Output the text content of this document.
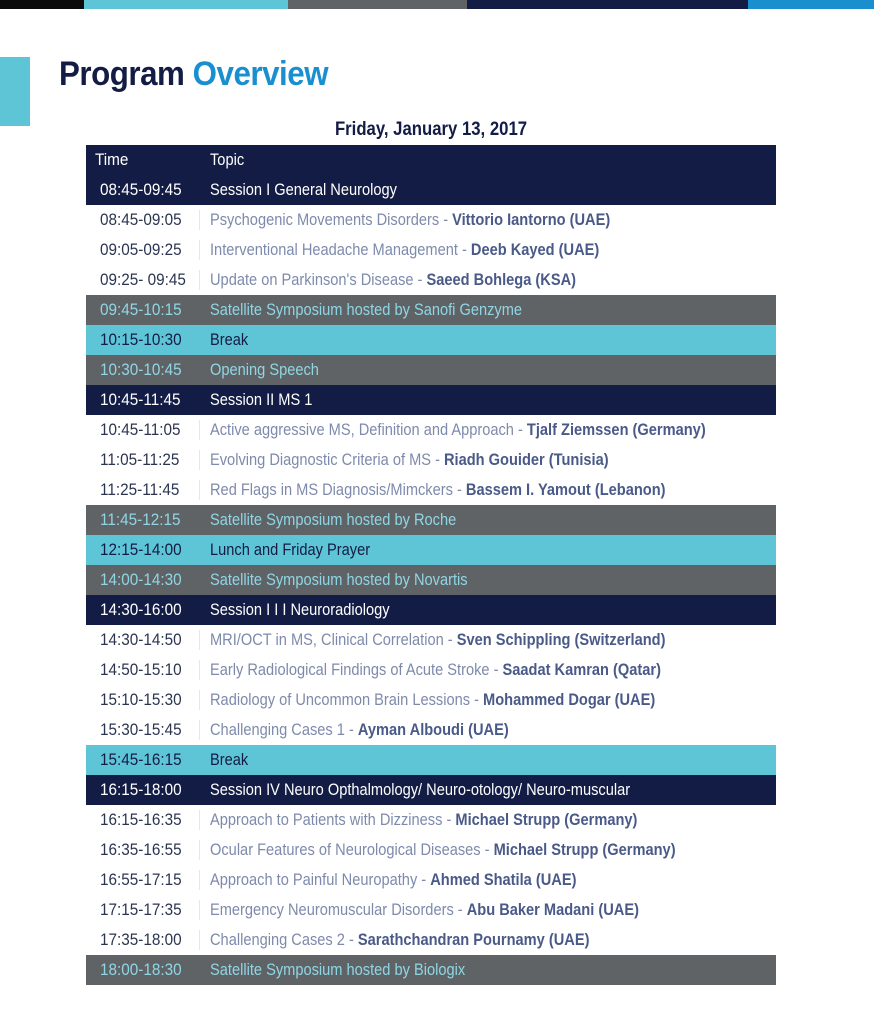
Program Overview
Friday, January 13, 2017
Time	Topic
08:45-09:45	Session I General Neurology
08:45-09:05	Psychogenic Movements Disorders - Vittorio Iantorno (UAE)
09:05-09:25	Interventional Headache Management - Deeb Kayed (UAE)
09:25- 09:45	Update on Parkinson's Disease - Saeed Bohlega (KSA)
09:45-10:15	Satellite Symposium hosted by Sanofi Genzyme
10:15-10:30	Break
10:30-10:45	Opening Speech
10:45-11:45	Session II MS 1
10:45-11:05	Active aggressive MS, Definition and Approach - Tjalf Ziemssen (Germany)
11:05-11:25	Evolving Diagnostic Criteria of MS - Riadh Gouider (Tunisia)
11:25-11:45	Red Flags in MS Diagnosis/Mimckers - Bassem I. Yamout (Lebanon)
11:45-12:15	Satellite Symposium hosted by Roche
12:15-14:00	Lunch and Friday Prayer
14:00-14:30	Satellite Symposium hosted by Novartis
14:30-16:00	Session I I I Neuroradiology
14:30-14:50	MRI/OCT in MS, Clinical Correlation - Sven Schippling (Switzerland)
14:50-15:10	Early Radiological Findings of Acute Stroke - Saadat Kamran (Qatar)
15:10-15:30	Radiology of Uncommon Brain Lessions - Mohammed Dogar (UAE)
15:30-15:45	Challenging Cases 1 - Ayman Alboudi (UAE)
15:45-16:15	Break
16:15-18:00	Session IV Neuro Opthalmology/ Neuro-otology/ Neuro-muscular
16:15-16:35	Approach to Patients with Dizziness - Michael Strupp (Germany)
16:35-16:55	Ocular Features of Neurological Diseases - Michael Strupp (Germany)
16:55-17:15	Approach to Painful Neuropathy - Ahmed Shatila (UAE)
17:15-17:35	Emergency Neuromuscular Disorders - Abu Baker Madani (UAE)
17:35-18:00	Challenging Cases 2 - Sarathchandran Pournamy (UAE)
18:00-18:30	Satellite Symposium hosted by Biologix
